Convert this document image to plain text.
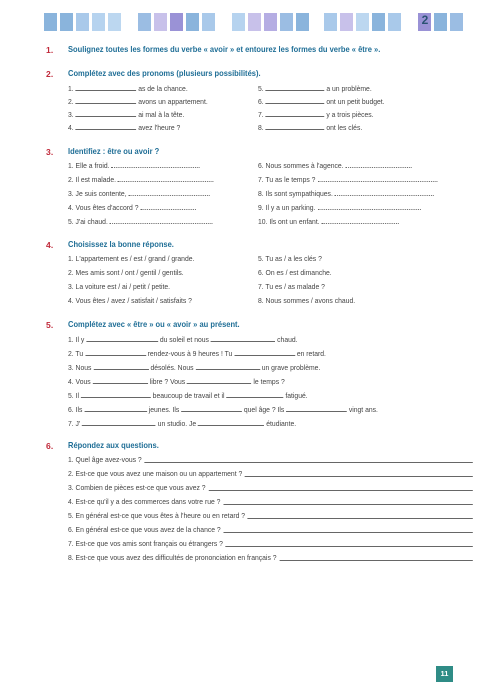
2
1. Soulignez toutes les formes du verbe « avoir » et entourez les formes du verbe « être ».
2. Complétez avec des pronoms (plusieurs possibilités).
1.	as de la chance.
2.	avons un appartement.
3.	ai mal à la tête.
4.	avez l'heure ?
5.	a un problème.
6.	ont un petit budget.
7.	y a trois pièces.
8.	ont les clés.
3. Identifiez : être ou avoir ?
1. Elle a froid.
2. Il est malade.
3. Je suis contente,
4. Vous êtes d'accord ?
5. J'ai chaud.
6. Nous sommes à l'agence.
7. Tu as le temps ?
8. Ils sont sympathiques.
9. Il y a un parking.
10. Ils ont un enfant.
4. Choisissez la bonne réponse.
1. L'appartement es / est / grand / grande.
2. Mes amis sont / ont / gentil / gentils.
3. La voiture est / ai / petit / petite.
4. Vous êtes / avez / satisfait / satisfaits ?
5. Tu as / a les clés ?
6. On es / est dimanche.
7. Tu es / as malade ?
8. Nous sommes / avons chaud.
5. Complétez avec « être » ou « avoir » au présent.
1. Il y	du soleil et nous	chaud.
2. Tu	rendez-vous à 9 heures ! Tu	en retard.
3. Nous	désolés. Nous	un grave problème.
4. Vous	libre ? Vous	le temps ?
5. Il	beaucoup de travail et il	fatigué.
6. Ils	jeunes. Ils	quel âge ? Ils	vingt ans.
7. J'	un studio. Je	étudiante.
6. Répondez aux questions.
1. Quel âge avez-vous ?
2. Est-ce que vous avez une maison ou un appartement ?
3. Combien de pièces est-ce que vous avez ?
4. Est-ce qu'il y a des commerces dans votre rue ?
5. En général est-ce que vous êtes à l'heure ou en retard ?
6. En général est-ce que vous avez de la chance ?
7. Est-ce que vos amis sont français ou étrangers ?
8. Est-ce que vous avez des difficultés de prononciation en français ?
11
